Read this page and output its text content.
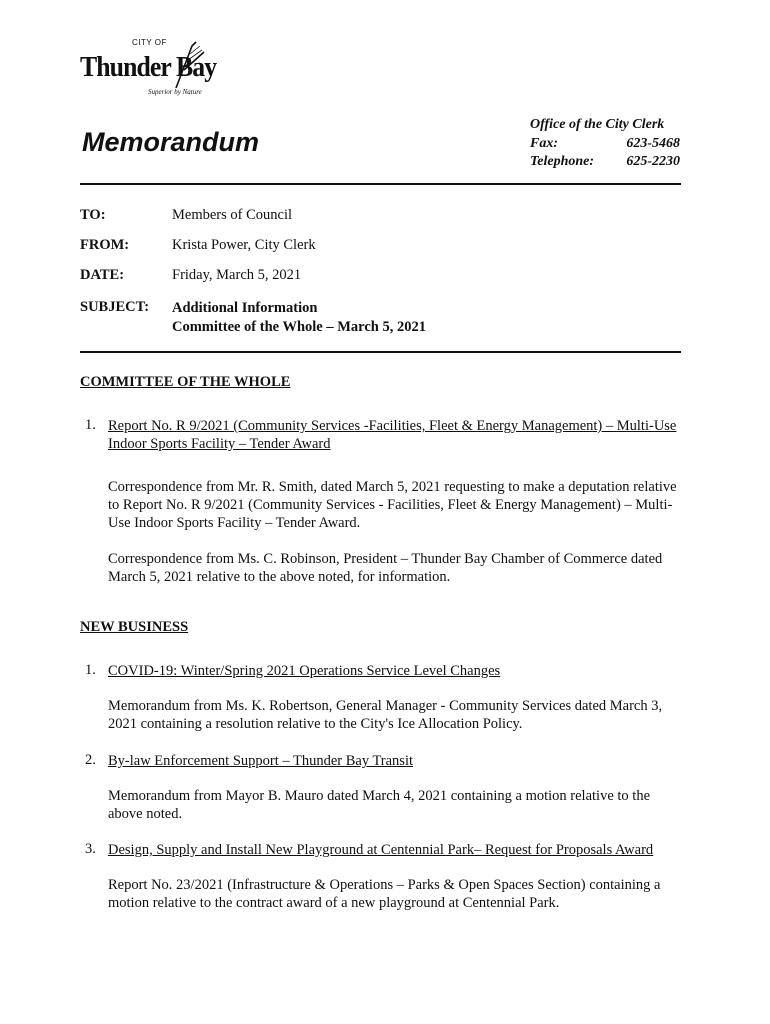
CITY OF
Thunder Bay
Superior by Nature
Memorandum
Office of the City Clerk
Fax:	623-5468
Telephone: 625-2230
TO:	Members of Council
FROM:	Krista Power, City Clerk
DATE:	Friday, March 5, 2021
SUBJECT: Additional Information
Committee of the Whole – March 5, 2021
COMMITTEE OF THE WHOLE
1. Report No. R 9/2021 (Community Services -Facilities, Fleet & Energy Management) – Multi-Use Indoor Sports Facility – Tender Award
Correspondence from Mr. R. Smith, dated March 5, 2021 requesting to make a deputation relative to Report No. R 9/2021 (Community Services - Facilities, Fleet & Energy Management) – Multi-Use Indoor Sports Facility – Tender Award.
Correspondence from Ms. C. Robinson, President – Thunder Bay Chamber of Commerce dated March 5, 2021 relative to the above noted, for information.
NEW BUSINESS
1. COVID-19: Winter/Spring 2021 Operations Service Level Changes
Memorandum from Ms. K. Robertson, General Manager - Community Services dated March 3, 2021 containing a resolution relative to the City's Ice Allocation Policy.
2. By-law Enforcement Support – Thunder Bay Transit
Memorandum from Mayor B. Mauro dated March 4, 2021 containing a motion relative to the above noted.
3. Design, Supply and Install New Playground at Centennial Park– Request for Proposals Award
Report No. 23/2021 (Infrastructure & Operations – Parks & Open Spaces Section) containing a motion relative to the contract award of a new playground at Centennial Park.
